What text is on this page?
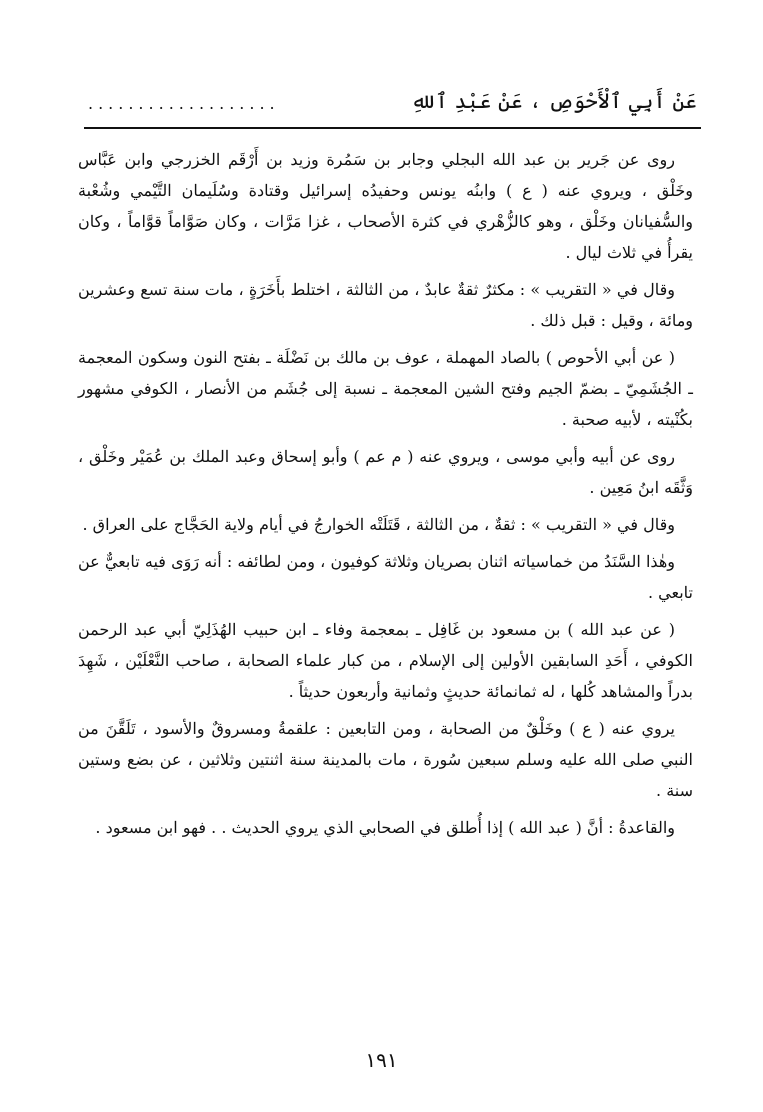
عَنْ أَبِي ٱلْأَحْوَصِ ، عَنْ عَبْدِ ٱللهِ
...................

روى عن جَرير بن عبد الله البجلي وجابر بن سَمُرة وزيد بن أَرْقَم الخزرجي وابن عَبَّاس وخَلْق ، ويروي عنه ( ع ) وابنُه يونس وحفيدُه إسرائيل وقتادة وسُلَيمان التَّيْمي وشُعْبة والسُّفيانان وخَلْق ، وهو كالزُّهْري في كثرة الأصحاب ، غزا مَرَّات ، وكان صَوَّاماً قوَّاماً ، وكان يقرأُ في ثلاث ليال .

وقال في « التقريب » : مكثرٌ ثقةٌ عابدٌ ، من الثالثة ، اختلط بأَخَرَةٍ ، مات سنة تسع وعشرين ومائة ، وقيل : قبل ذلك .

( عن أبي الأحوص ) بالصاد المهملة ، عوف بن مالك بن نَضْلَة ـ بفتح النون وسكون المعجمة ـ الجُشَمِيّ ـ بضمّ الجيم وفتح الشين المعجمة ـ نسبة إلى جُشَم من الأنصار ، الكوفي مشهور بكُنْيته ، لأبيه صحبة .

روى عن أبيه وأبي موسى ، ويروي عنه ( م عم ) وأبو إسحاق وعبد الملك بن عُمَيْر وخَلْق ، وَثَّقَه ابنُ مَعِين .

وقال في « التقريب » : ثقةٌ ، من الثالثة ، قَتَلَتْه الخوارجُ في أيام ولاية الحَجَّاج على العراق .

وهٰذا السَّنَدُ من خماسياته اثنان بصريان وثلاثة كوفيون ، ومن لطائفه : أنه رَوَى فيه تابعيٌّ عن تابعي .

( عن عبد الله ) بن مسعود بن غَافِل ـ بمعجمة وفاء ـ ابن حبيب الهُذَلِيّ أبي عبد الرحمن الكوفي ، أَحَدِ السابقين الأولين إلى الإسلام ، من كبار علماء الصحابة ، صاحب النَّعْلَيْن ، شَهِدَ بدراً والمشاهد كُلها ، له ثمانمائة حديثٍ وثمانية وأربعون حديثاً .

يروي عنه ( ع ) وخَلْقٌ من الصحابة ، ومن التابعين : علقمةُ ومسروقٌ والأسود ، تَلَقَّنَ من النبي صلى الله عليه وسلم سبعين سُورة ، مات بالمدينة سنة اثنتين وثلاثين ، عن بضع وستين سنة .

والقاعدةُ : أنَّ ( عبد الله ) إذا أُطلق في الصحابي الذي يروي الحديث . . فهو ابن مسعود .

١٩١
